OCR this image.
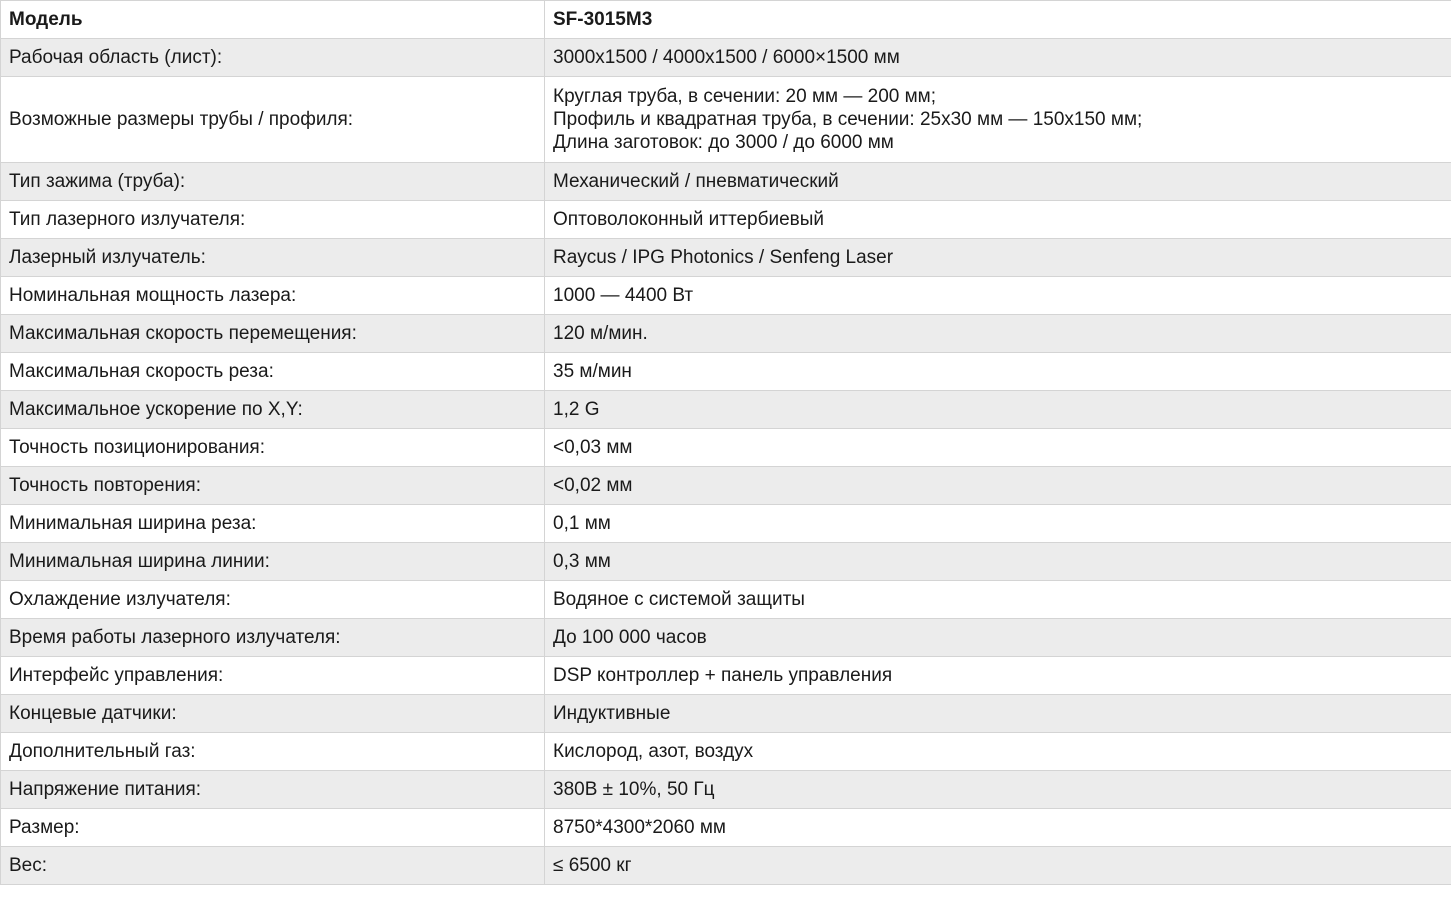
Модель	SF-3015M3
Рабочая область (лист):	3000х1500 / 4000х1500 / 6000×1500 мм
Возможные размеры трубы / профиля:	Круглая труба, в сечении: 20 мм — 200 мм;
Профиль и квадратная труба, в сечении: 25х30 мм — 150х150 мм;
Длина заготовок: до 3000 / до 6000 мм

Тип зажима (труба):	Механический / пневматический
Тип лазерного излучателя:	Оптоволоконный иттербиевый
Лазерный излучатель:	Raycus / IPG Photonics / Senfeng Laser
Номинальная мощность лазера:	1000 — 4400 Вт
Максимальная скорость перемещения:	120 м/мин.
Максимальная скорость реза:	35 м/мин
Максимальное ускорение по X,Y:	1,2 G
Точность позиционирования:	<0,03 мм
Точность повторения:	<0,02 мм
Минимальная ширина реза:	0,1 мм
Минимальная ширина линии:	0,3 мм
Охлаждение излучателя:	Водяное с системой защиты
Время работы лазерного излучателя:	До 100 000 часов
Интерфейс управления:	DSP контроллер + панель управления
Концевые датчики:	Индуктивные
Дополнительный газ:	Кислород, азот, воздух
Напряжение питания:	380В ± 10%, 50 Гц
Размер:	8750*4300*2060 мм
Вес:	≤ 6500 кг
